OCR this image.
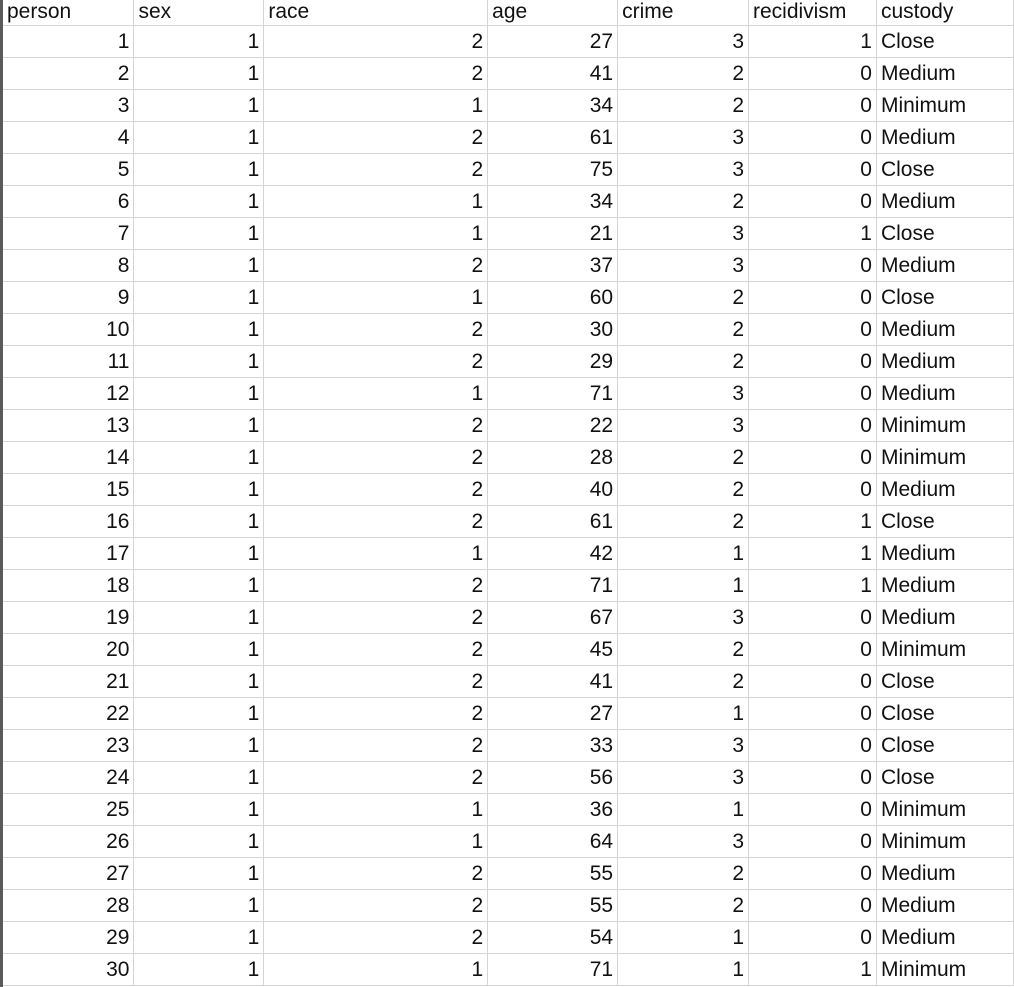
person	sex	race	age	crime	recidivism	custody
1	1	2	27	3	1	Close
2	1	2	41	2	0	Medium
3	1	1	34	2	0	Minimum
4	1	2	61	3	0	Medium
5	1	2	75	3	0	Close
6	1	1	34	2	0	Medium
7	1	1	21	3	1	Close
8	1	2	37	3	0	Medium
9	1	1	60	2	0	Close
10	1	2	30	2	0	Medium
11	1	2	29	2	0	Medium
12	1	1	71	3	0	Medium
13	1	2	22	3	0	Minimum
14	1	2	28	2	0	Minimum
15	1	2	40	2	0	Medium
16	1	2	61	2	1	Close
17	1	1	42	1	1	Medium
18	1	2	71	1	1	Medium
19	1	2	67	3	0	Medium
20	1	2	45	2	0	Minimum
21	1	2	41	2	0	Close
22	1	2	27	1	0	Close
23	1	2	33	3	0	Close
24	1	2	56	3	0	Close
25	1	1	36	1	0	Minimum
26	1	1	64	3	0	Minimum
27	1	2	55	2	0	Medium
28	1	2	55	2	0	Medium
29	1	2	54	1	0	Medium
30	1	1	71	1	1	Minimum
